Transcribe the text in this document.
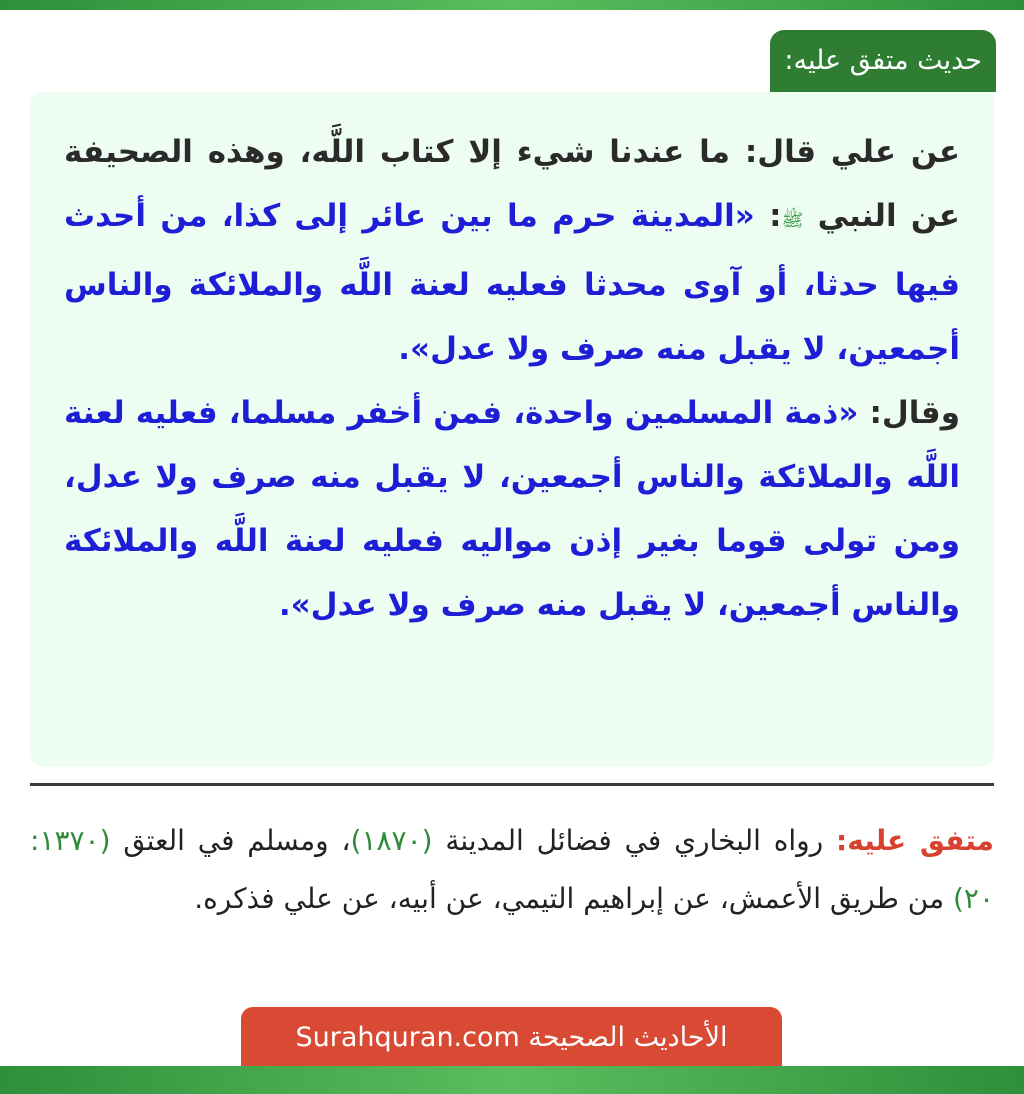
حديث متفق عليه:

عن علي قال: ما عندنا شيء إلا كتاب اللَّه، وهذه الصحيفة عن النبي ﷺ: «المدينة حرم ما بين عائر إلى كذا، من أحدث فيها حدثا، أو آوى محدثا فعليه لعنة اللَّه والملائكة والناس أجمعين، لا يقبل منه صرف ولا عدل».

وقال: «ذمة المسلمين واحدة، فمن أخفر مسلما، فعليه لعنة اللَّه والملائكة والناس أجمعين، لا يقبل منه صرف ولا عدل، ومن تولى قوما بغير إذن مواليه فعليه لعنة اللَّه والملائكة والناس أجمعين، لا يقبل منه صرف ولا عدل».

متفق عليه: رواه البخاري في فضائل المدينة (١٨٧٠)، ومسلم في العتق (١٣٧٠: ٢٠) من طريق الأعمش، عن إبراهيم التيمي، عن أبيه، عن علي فذكره.
الأحاديث الصحيحة Surahquran.com
